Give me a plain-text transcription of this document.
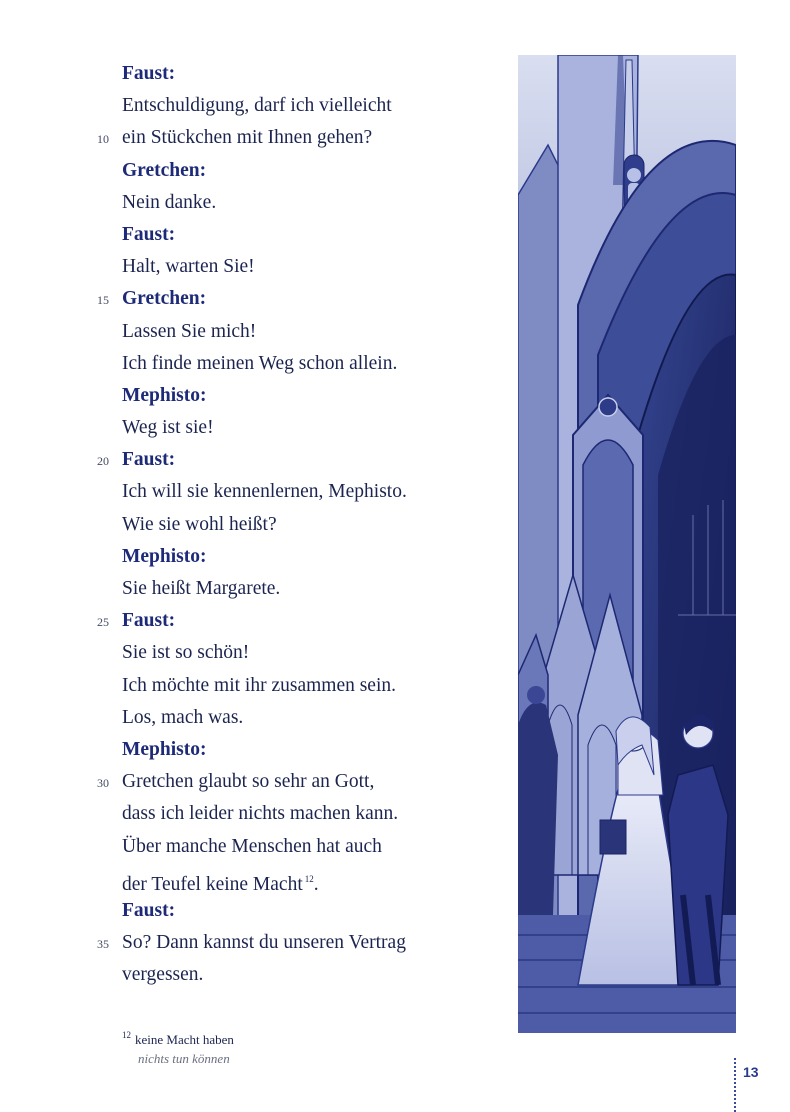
Faust:
Entschuldigung, darf ich vielleicht
10 ein Stückchen mit Ihnen gehen?
Gretchen:
Nein danke.
Faust:
Halt, warten Sie!
15 Gretchen:
Lassen Sie mich!
Ich finde meinen Weg schon allein.
Mephisto:
Weg ist sie!
20 Faust:
Ich will sie kennenlernen, Mephisto.
Wie sie wohl heißt?
Mephisto:
Sie heißt Margarete.
25 Faust:
Sie ist so schön!
Ich möchte mit ihr zusammen sein.
Los, mach was.
Mephisto:
30 Gretchen glaubt so sehr an Gott,
dass ich leider nichts machen kann.
Über manche Menschen hat auch
der Teufel keine Macht $^{12}$.
Faust:
35 So? Dann kannst du unseren Vertrag
vergessen.
$^{12}$ keine Macht haben
nichts tun können
13
